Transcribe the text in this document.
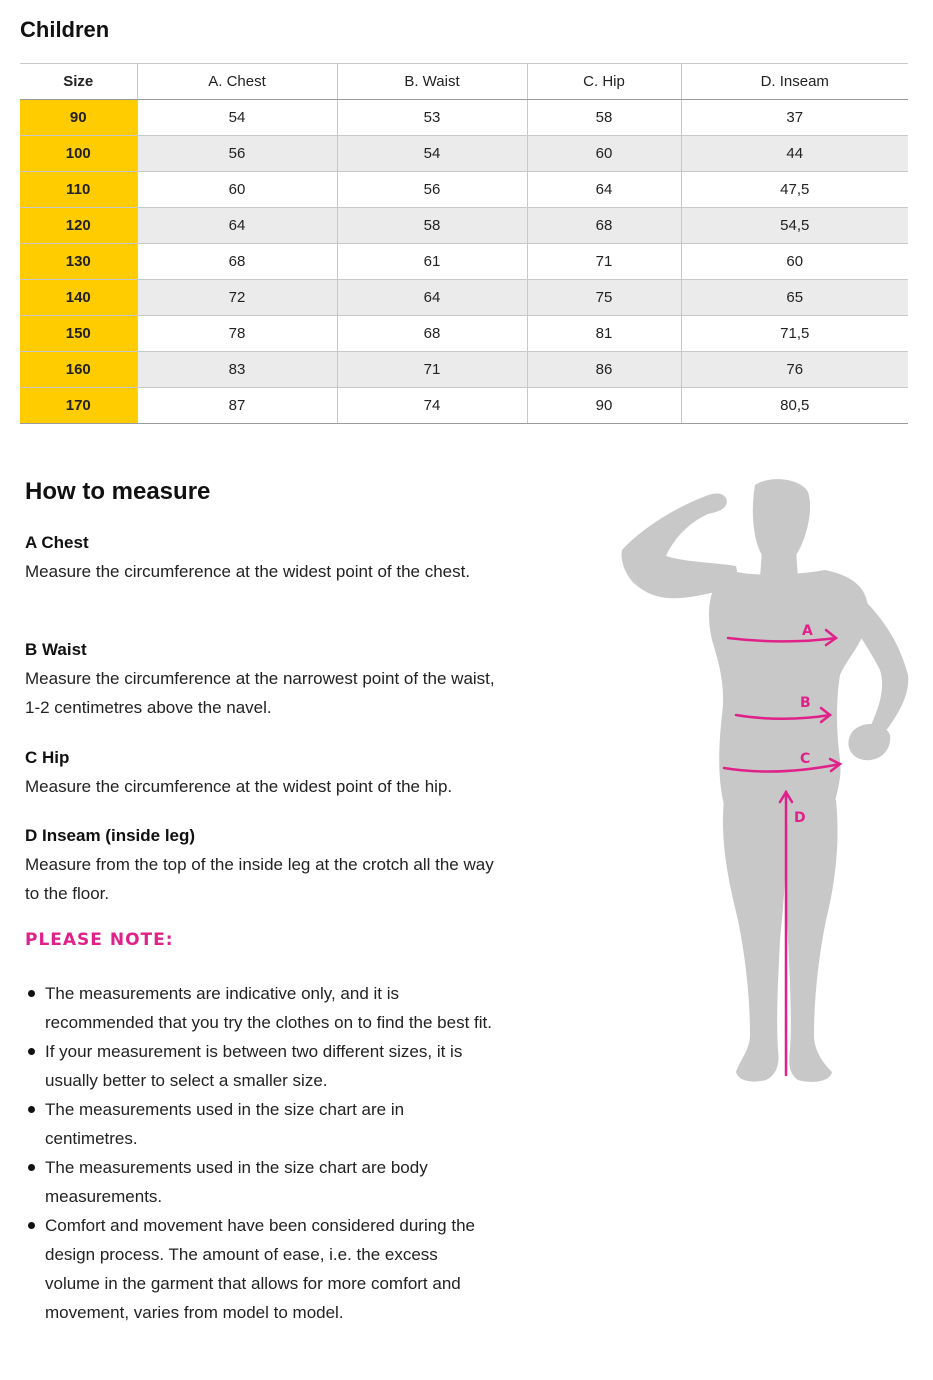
Children
Size	A. Chest	B. Waist	C. Hip	D. Inseam
90	54	53	58	37
100	56	54	60	44
110	60	56	64	47,5
120	64	58	68	54,5
130	68	61	71	60
140	72	64	75	65
150	78	68	81	71,5
160	83	71	86	76
170	87	74	90	80,5
How to measure

A Chest

Measure the circumference at the widest point of the chest.

B Waist

Measure the circumference at the narrowest point of the waist, 1-2 centimetres above the navel.

C Hip

Measure the circumference at the widest point of the hip.

D Inseam (inside leg)

Measure from the top of the inside leg at the crotch all the way to the floor.

PLEASE NOTE:

The measurements are indicative only, and it is recommended that you try the clothes on to find the best fit.
If your measurement is between two different sizes, it is usually better to select a smaller size.
The measurements used in the size chart are in centimetres.
The measurements used in the size chart are body measurements.
Comfort and movement have been considered during the design process. The amount of ease, i.e. the excess volume in the garment that allows for more comfort and movement, varies from model to model.
A
B
C
D
